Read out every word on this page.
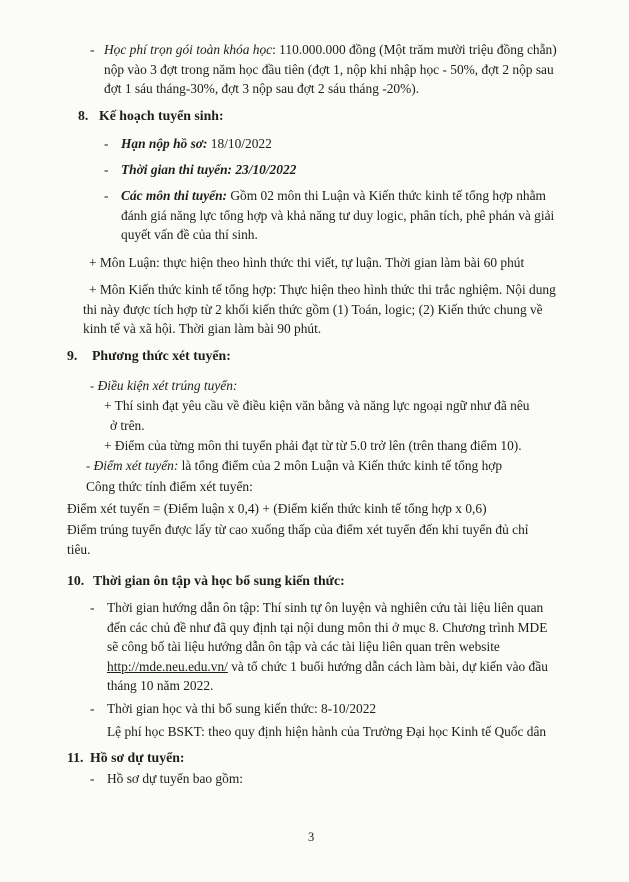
- Học phí trọn gói toàn khóa học: 110.000.000 đồng (Một trăm mười triệu đồng chẵn)
nộp vào 3 đợt trong năm học đầu tiên (đợt 1, nộp khi nhập học - 50%, đợt 2 nộp sau
đợt 1 sáu tháng-30%, đợt 3 nộp sau đợt 2 sáu tháng -20%).
8. Kế hoạch tuyển sinh:
- Hạn nộp hồ sơ: 18/10/2022
- Thời gian thi tuyển: 23/10/2022
- Các môn thi tuyển: Gồm 02 môn thi Luận và Kiến thức kinh tế tổng hợp nhằm
đánh giá năng lực tổng hợp và khả năng tư duy logic, phân tích, phê phán và giải
quyết vấn đề của thí sinh.
+ Môn Luận: thực hiện theo hình thức thi viết, tự luận. Thời gian làm bài 60 phút
+ Môn Kiến thức kinh tế tổng hợp: Thực hiện theo hình thức thi trắc nghiệm. Nội dung
thi này được tích hợp từ 2 khối kiến thức gồm (1) Toán, logic; (2) Kiến thức chung về
kinh tế và xã hội. Thời gian làm bài 90 phút.
9. Phương thức xét tuyển:
- Điều kiện xét trúng tuyển:
+ Thí sinh đạt yêu cầu về điều kiện văn bằng và năng lực ngoại ngữ như đã nêu
ở trên.
+ Điểm của từng môn thi tuyển phải đạt từ từ 5.0 trở lên (trên thang điểm 10).
- Điểm xét tuyển: là tổng điểm của 2 môn Luận và Kiến thức kinh tế tổng hợp
Công thức tính điểm xét tuyển:
Điểm xét tuyển = (Điểm luận x 0,4) + (Điểm kiến thức kinh tế tổng hợp x 0,6)
Điểm trúng tuyển được lấy từ cao xuống thấp của điểm xét tuyển đến khi tuyển đủ chỉ
tiêu.
10. Thời gian ôn tập và học bổ sung kiến thức:
- Thời gian hướng dẫn ôn tập: Thí sinh tự ôn luyện và nghiên cứu tài liệu liên quan
đến các chủ đề như đã quy định tại nội dung môn thi ở mục 8. Chương trình MDE
sẽ công bố tài liệu hướng dẫn ôn tập và các tài liệu liên quan trên website
http://mde.neu.edu.vn/ và tổ chức 1 buổi hướng dẫn cách làm bài, dự kiến vào đầu
tháng 10 năm 2022.
- Thời gian học và thi bổ sung kiến thức: 8-10/2022
Lệ phí học BSKT: theo quy định hiện hành của Trường Đại học Kinh tế Quốc dân
11. Hồ sơ dự tuyển:
- Hồ sơ dự tuyển bao gồm:
3
